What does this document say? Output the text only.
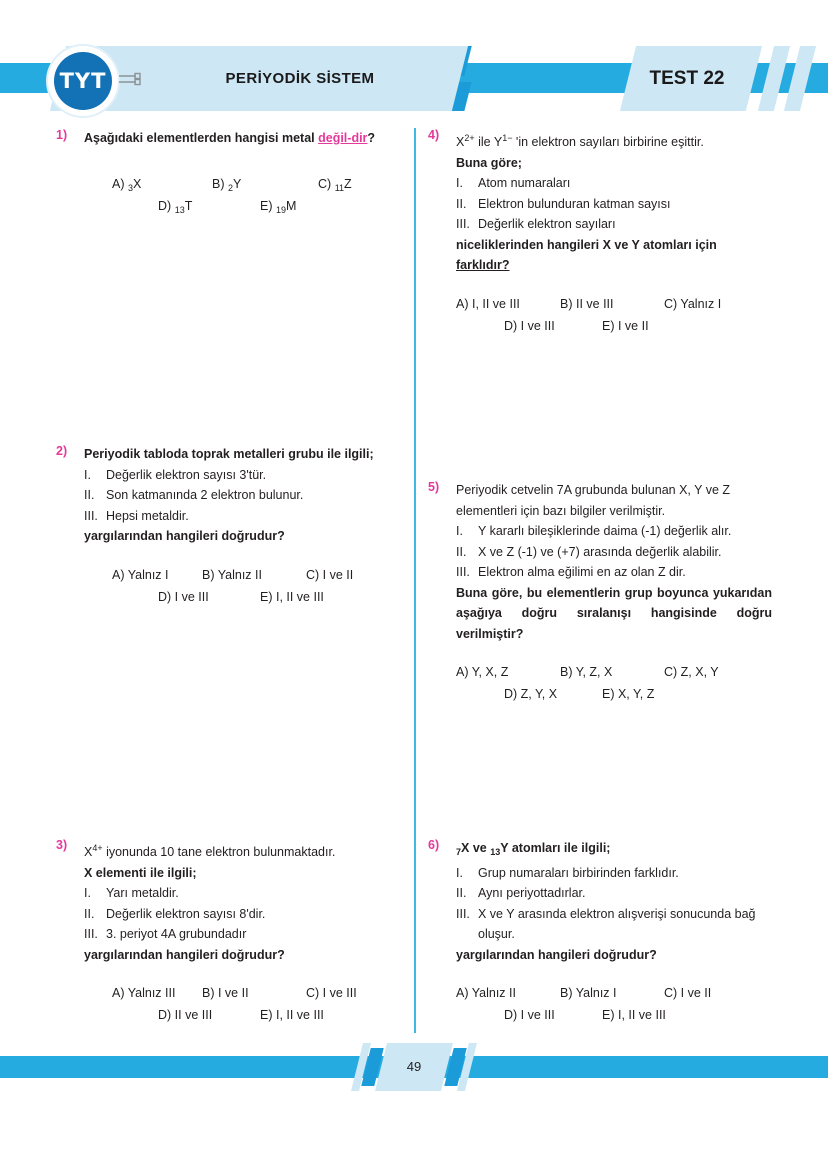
PERİYODİK SİSTEM	TEST 22
TYT
1) Aşağıdaki elementlerden hangisi metal değil-dir?
A) $_3$X	B) $_2$Y	C) $_{11}$Z
D) $_{13}$T	E) $_{19}$M
2) Periyodik tabloda toprak metalleri grubu ile ilgili;
I.	Değerlik elektron sayısı 3'tür.
II. Son katmanında 2 elektron bulunur.
III. Hepsi metaldir.
yargılarından hangileri doğrudur?
A) Yalnız I	B) Yalnız II	C) I ve II
D) I ve III	E) I, II ve III
3) $X^{4+}$ iyonunda 10 tane elektron bulunmaktadır.
X elementi ile ilgili;
I.	Yarı metaldir.
II. Değerlik elektron sayısı 8'dir.
III. 3. periyot 4A grubundadır
yargılarından hangileri doğrudur?
A) Yalnız III B) I ve II	C) I ve III
D) II ve III	E) I, II ve III
4) $X^{2+}$ ile $Y^{1-}$ 'in elektron sayıları birbirine eşittir.
Buna göre;
I.	Atom numaraları
II. Elektron bulunduran katman sayısı
III. Değerlik elektron sayıları
niceliklerinden hangileri X ve Y atomları için
farklıdır?
A) I, II ve III	B) II ve III	C) Yalnız I
D) I ve III	E) I ve II
5) Periyodik cetvelin 7A grubunda bulunan X, Y ve Z elementleri için bazı bilgiler verilmiştir.
I.	Y kararlı bileşiklerinde daima (-1) değerlik alır.
II. X ve Z (-1) ve (+7) arasında değerlik alabilir.
III. Elektron alma eğilimi en az olan Z dir.
Buna göre, bu elementlerin grup boyunca yukarıdan aşağıya doğru sıralanışı hangisinde doğru verilmiştir?
A) Y, X, Z	B) Y, Z, X	C) Z, X, Y
D) Z, Y, X	E) X, Y, Z
6) $_7$X ve $_{13}$Y atomları ile ilgili;
I.	Grup numaraları birbirinden farklıdır.
II. Aynı periyottadırlar.
III. X ve Y arasında elektron alışverişi sonucunda bağ oluşur.
yargılarından hangileri doğrudur?
A) Yalnız II	B) Yalnız I	C) I ve II
D) I ve III	E) I, II ve III
49
